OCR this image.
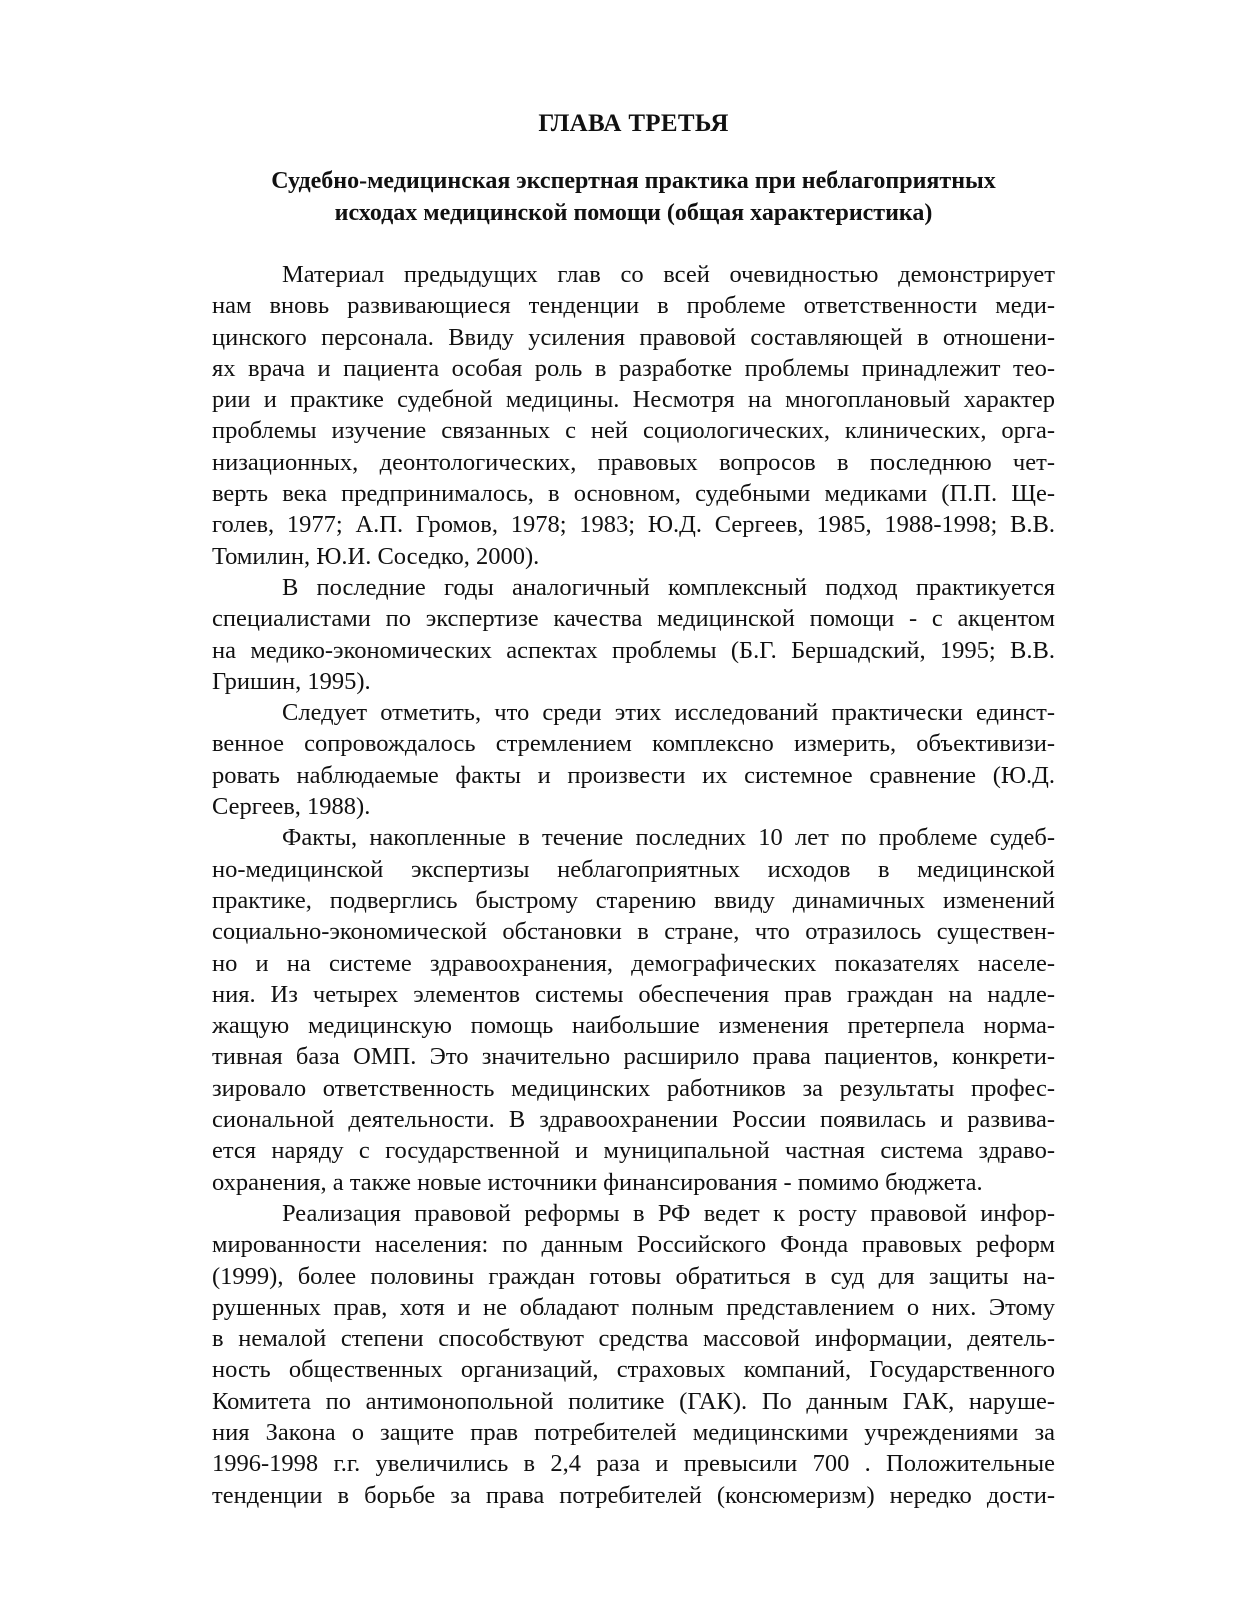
ГЛАВА ТРЕТЬЯ
Судебно-медицинская экспертная практика при неблагоприятных
исходах медицинской помощи (общая характеристика)

Материал предыдущих глав со всей очевидностью демонстрирует
нам вновь развивающиеся тенденции в проблеме ответственности меди-
цинского персонала. Ввиду усиления правовой составляющей в отношени-
ях врача и пациента особая роль в разработке проблемы принадлежит тео-
рии и практике судебной медицины. Несмотря на многоплановый характер
проблемы изучение связанных с ней социологических, клинических, орга-
низационных, деонтологических, правовых вопросов в последнюю чет-
верть века предпринималось, в основном, судебными медиками (П.П. Ще-
голев, 1977; А.П. Громов, 1978; 1983; Ю.Д. Сергеев, 1985, 1988-1998; В.В.
Томилин, Ю.И. Соседко, 2000).

В последние годы аналогичный комплексный подход практикуется
специалистами по экспертизе качества медицинской помощи - с акцентом
на медико-экономических аспектах проблемы (Б.Г. Бершадский, 1995; В.В.
Гришин, 1995).

Следует отметить, что среди этих исследований практически единст-
венное сопровождалось стремлением комплексно измерить, объективизи-
ровать наблюдаемые факты и произвести их системное сравнение (Ю.Д.
Сергеев, 1988).

Факты, накопленные в течение последних 10 лет по проблеме судеб-
но-медицинской экспертизы неблагоприятных исходов в медицинской
практике, подверглись быстрому старению ввиду динамичных изменений
социально-экономической обстановки в стране, что отразилось существен-
но и на системе здравоохранения, демографических показателях населе-
ния. Из четырех элементов системы обеспечения прав граждан на надле-
жащую медицинскую помощь наибольшие изменения претерпела норма-
тивная база ОМП. Это значительно расширило права пациентов, конкрети-
зировало ответственность медицинских работников за результаты профес-
сиональной деятельности. В здравоохранении России появилась и развива-
ется наряду с государственной и муниципальной частная система здраво-
охранения, а также новые источники финансирования - помимо бюджета.

Реализация правовой реформы в РФ ведет к росту правовой инфор-
мированности населения: по данным Российского Фонда правовых реформ
(1999), более половины граждан готовы обратиться в суд для защиты на-
рушенных прав, хотя и не обладают полным представлением о них. Этому
в немалой степени способствуют средства массовой информации, деятель-
ность общественных организаций, страховых компаний, Государственного
Комитета по антимонопольной политике (ГАК). По данным ГАК, наруше-
ния Закона о защите прав потребителей медицинскими учреждениями за
1996-1998 г.г. увеличились в 2,4 раза и превысили 700 . Положительные
тенденции в борьбе за права потребителей (консюмеризм) нередко дости-
